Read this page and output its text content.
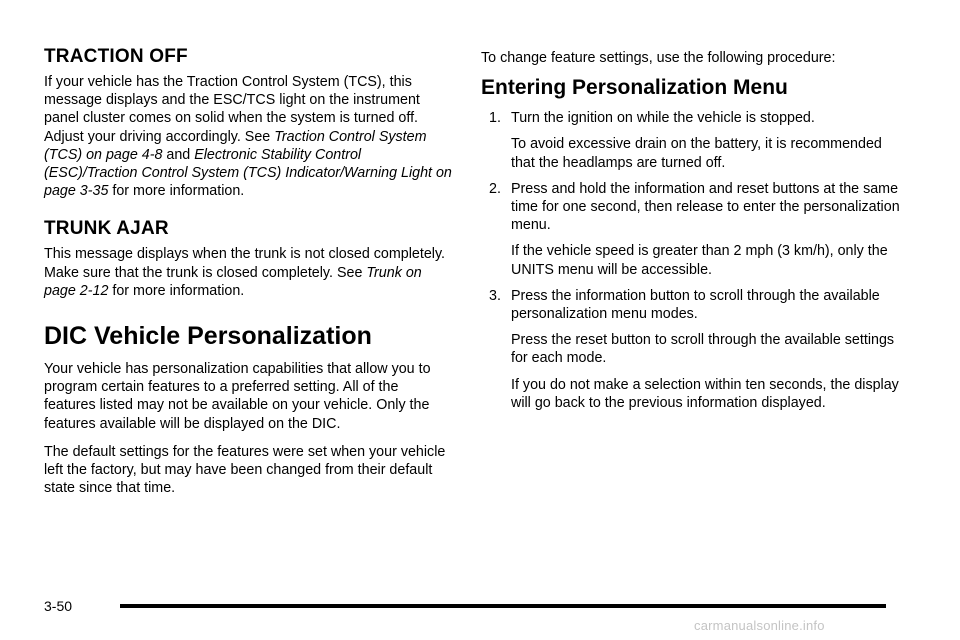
TRACTION OFF

If your vehicle has the Traction Control System (TCS), this message displays and the ESC/TCS light on the instrument panel cluster comes on solid when the system is turned off. Adjust your driving accordingly. See Traction Control System (TCS) on page 4-8 and Electronic Stability Control (ESC)/Traction Control System (TCS) Indicator/Warning Light on page 3-35 for more information.

TRUNK AJAR

This message displays when the trunk is not closed completely. Make sure that the trunk is closed completely. See Trunk on page 2-12 for more information.

DIC Vehicle Personalization

Your vehicle has personalization capabilities that allow you to program certain features to a preferred setting. All of the features listed may not be available on your vehicle. Only the features available will be displayed on the DIC.

The default settings for the features were set when your vehicle left the factory, but may have been changed from their default state since that time.

To change feature settings, use the following procedure:

Entering Personalization Menu
1. Turn the ignition on while the vehicle is stopped.
To avoid excessive drain on the battery, it is recommended that the headlamps are turned off.
2. Press and hold the information and reset buttons at the same time for one second, then release to enter the personalization menu.
If the vehicle speed is greater than 2 mph (3 km/h), only the UNITS menu will be accessible.
3. Press the information button to scroll through the available personalization menu modes.
Press the reset button to scroll through the available settings for each mode.
If you do not make a selection within ten seconds, the display will go back to the previous information displayed.
3-50
carmanualsonline.info
